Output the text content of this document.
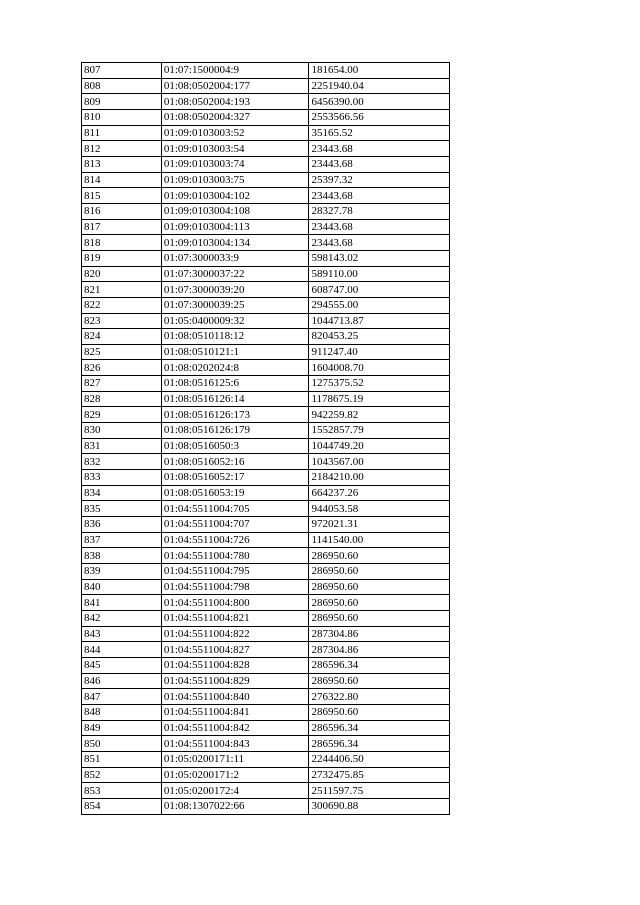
807	01:07:1500004:9	181654.00
808	01:08:0502004:177	2251940.04
809	01:08:0502004:193	6456390.00
810	01:08:0502004:327	2553566.56
811	01:09:0103003:52	35165.52
812	01:09:0103003:54	23443.68
813	01:09:0103003:74	23443.68
814	01:09:0103003:75	25397.32
815	01:09:0103004:102	23443.68
816	01:09:0103004:108	28327.78
817	01:09:0103004:113	23443.68
818	01:09:0103004:134	23443.68
819	01:07:3000033:9	598143.02
820	01:07:3000037:22	589110.00
821	01:07:3000039:20	608747.00
822	01:07:3000039:25	294555.00
823	01:05:0400009:32	1044713.87
824	01:08:0510118:12	820453.25
825	01:08:0510121:1	911247.40
826	01:08:0202024:8	1604008.70
827	01:08:0516125:6	1275375.52
828	01:08:0516126:14	1178675.19
829	01:08:0516126:173	942259.82
830	01:08:0516126:179	1552857.79
831	01:08:0516050:3	1044749.20
832	01:08:0516052:16	1043567.00
833	01:08:0516052:17	2184210.00
834	01:08:0516053:19	664237.26
835	01:04:5511004:705	944053.58
836	01:04:5511004:707	972021.31
837	01:04:5511004:726	1141540.00
838	01:04:5511004:780	286950.60
839	01:04:5511004:795	286950.60
840	01:04:5511004:798	286950.60
841	01:04:5511004:800	286950.60
842	01:04:5511004:821	286950.60
843	01:04:5511004:822	287304.86
844	01:04:5511004:827	287304.86
845	01:04:5511004:828	286596.34
846	01:04:5511004:829	286950.60
847	01:04:5511004:840	276322.80
848	01:04:5511004:841	286950.60
849	01:04:5511004:842	286596.34
850	01:04:5511004:843	286596.34
851	01:05:0200171:11	2244406.50
852	01:05:0200171:2	2732475.85
853	01:05:0200172:4	2511597.75
854	01:08:1307022:66	300690.88
